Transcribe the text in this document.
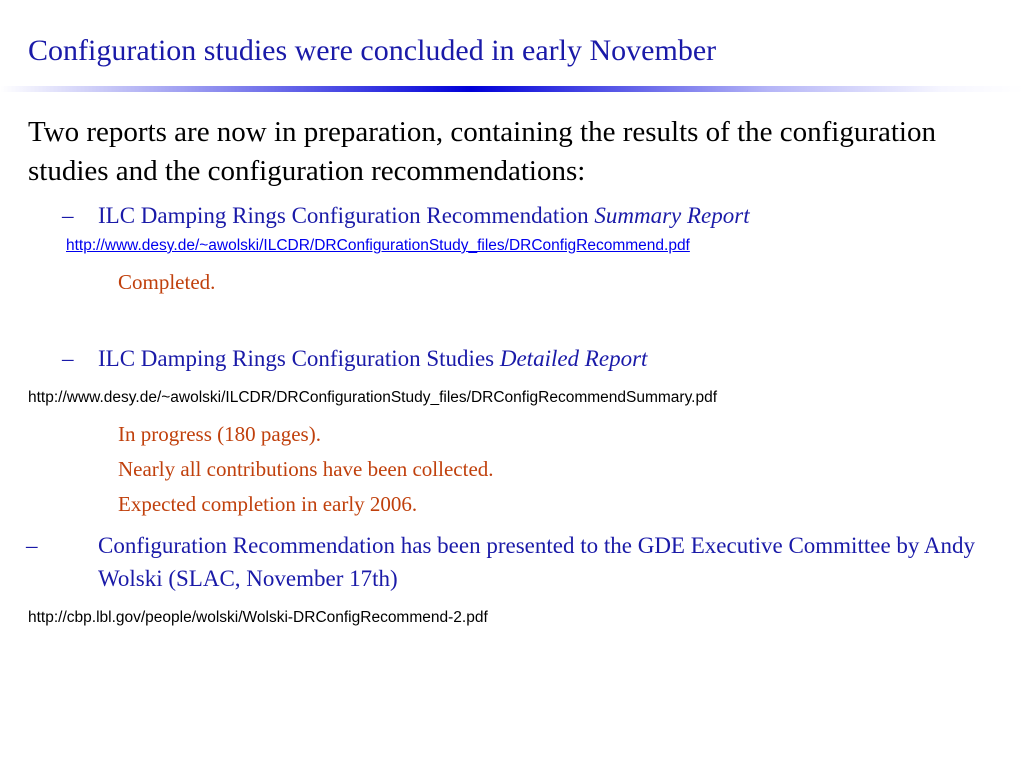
Configuration studies were concluded in early November
Two reports are now in preparation, containing the results of the configuration studies and the configuration recommendations:
– ILC Damping Rings Configuration Recommendation Summary Report
http://www.desy.de/~awolski/ILCDR/DRConfigurationStudy_files/DRConfigRecommend.pdf
Completed.
– ILC Damping Rings Configuration Studies Detailed Report
http://www.desy.de/~awolski/ILCDR/DRConfigurationStudy_files/DRConfigRecommendSummary.pdf
In progress (180 pages).
Nearly all contributions have been collected.
Expected completion in early 2006.
–	Configuration Recommendation has been presented to the GDE Executive Committee by Andy Wolski (SLAC, November 17th)
http://cbp.lbl.gov/people/wolski/Wolski-DRConfigRecommend-2.pdf
